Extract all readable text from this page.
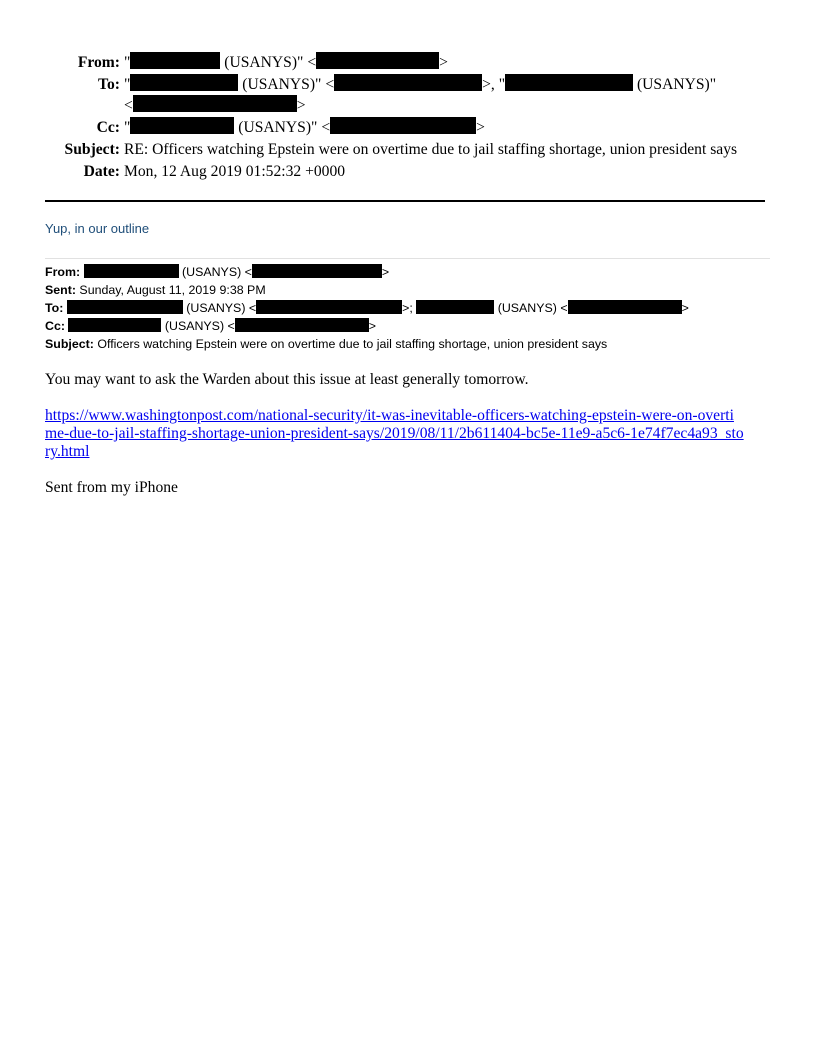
From: "	(USANYS)" <	>
To: "	(USANYS)" <	>, "	(USANYS)"
<	>
Cc: "	(USANYS)" <	>
Subject: RE: Officers watching Epstein were on overtime due to jail staffing shortage, union president says
Date: Mon, 12 Aug 2019 01:52:32 +0000
Yup, in our outline
From:	(USANYS) <	>
Sent: Sunday, August 11, 2019 9:38 PM
To:	(USANYS) <	>;	(USANYS) <	>
Cc:	(USANYS) <	>
Subject: Officers watching Epstein were on overtime due to jail staffing shortage, union president says

You may want to ask the Warden about this issue at least generally tomorrow.

https://www.washingtonpost.com/national-security/it-was-inevitable-officers-watching-epstein-were-on-overtime-due-to-jail-staffing-shortage-union-president-says/2019/08/11/2b611404-bc5e-11e9-a5c6-1e74f7ec4a93_story.html

Sent from my iPhone
